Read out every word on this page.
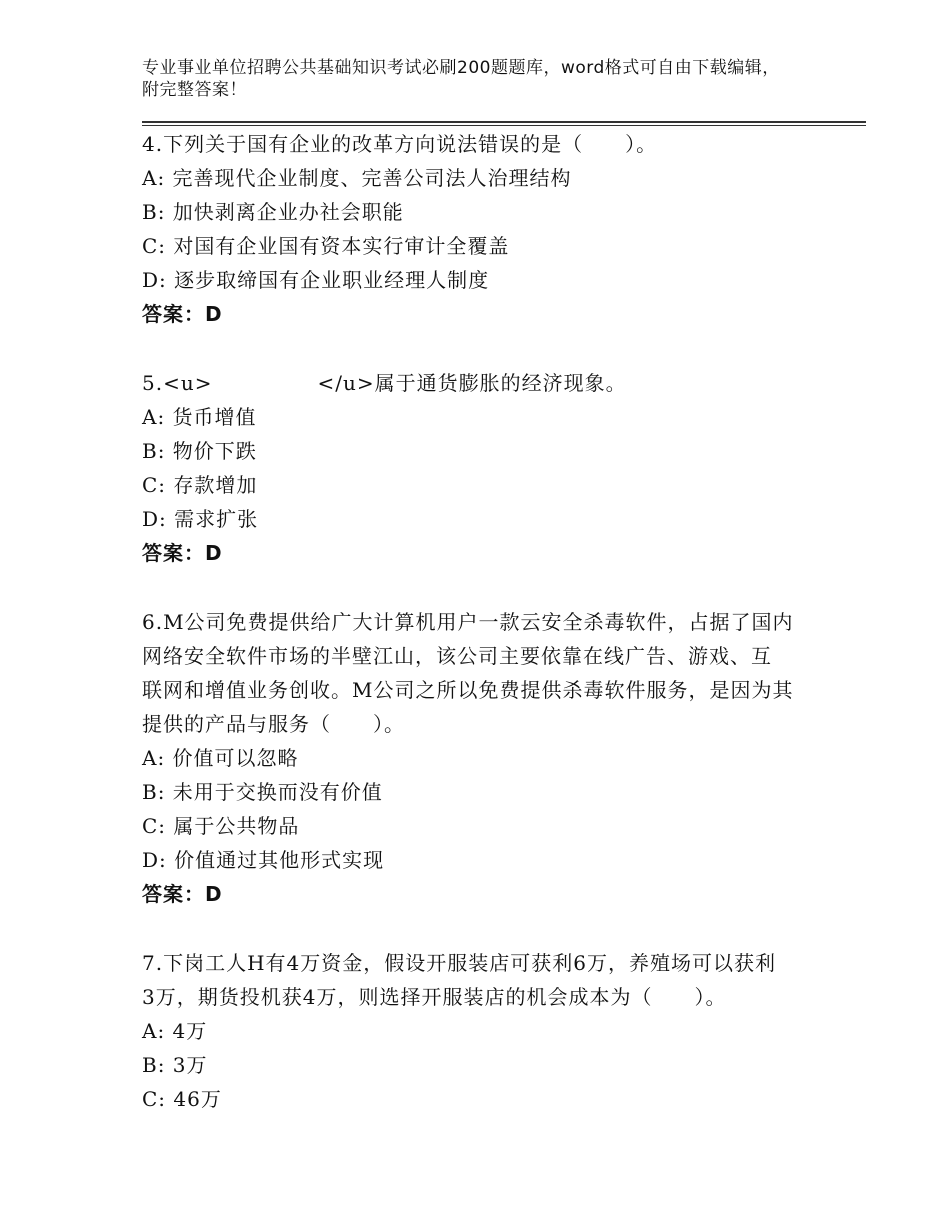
专业事业单位招聘公共基础知识考试必刷200题题库，word格式可自由下载编辑，附完整答案！
4.下列关于国有企业的改革方向说法错误的是（　　）。
A: 完善现代企业制度、完善公司法人治理结构
B: 加快剥离企业办社会职能
C: 对国有企业国有资本实行审计全覆盖
D: 逐步取缔国有企业职业经理人制度
答案：D
5.<u>　　　　　</u>属于通货膨胀的经济现象。
A: 货币增值
B: 物价下跌
C: 存款增加
D: 需求扩张
答案：D
6.M公司免费提供给广大计算机用户一款云安全杀毒软件，占据了国内
网络安全软件市场的半壁江山，该公司主要依靠在线广告、游戏、互
联网和增值业务创收。M公司之所以免费提供杀毒软件服务，是因为其
提供的产品与服务（　　）。
A: 价值可以忽略
B: 未用于交换而没有价值
C: 属于公共物品
D: 价值通过其他形式实现
答案：D
7.下岗工人H有4万资金，假设开服装店可获利6万，养殖场可以获利
3万，期货投机获4万，则选择开服装店的机会成本为（　　）。
A: 4万
B: 3万
C: 46万
